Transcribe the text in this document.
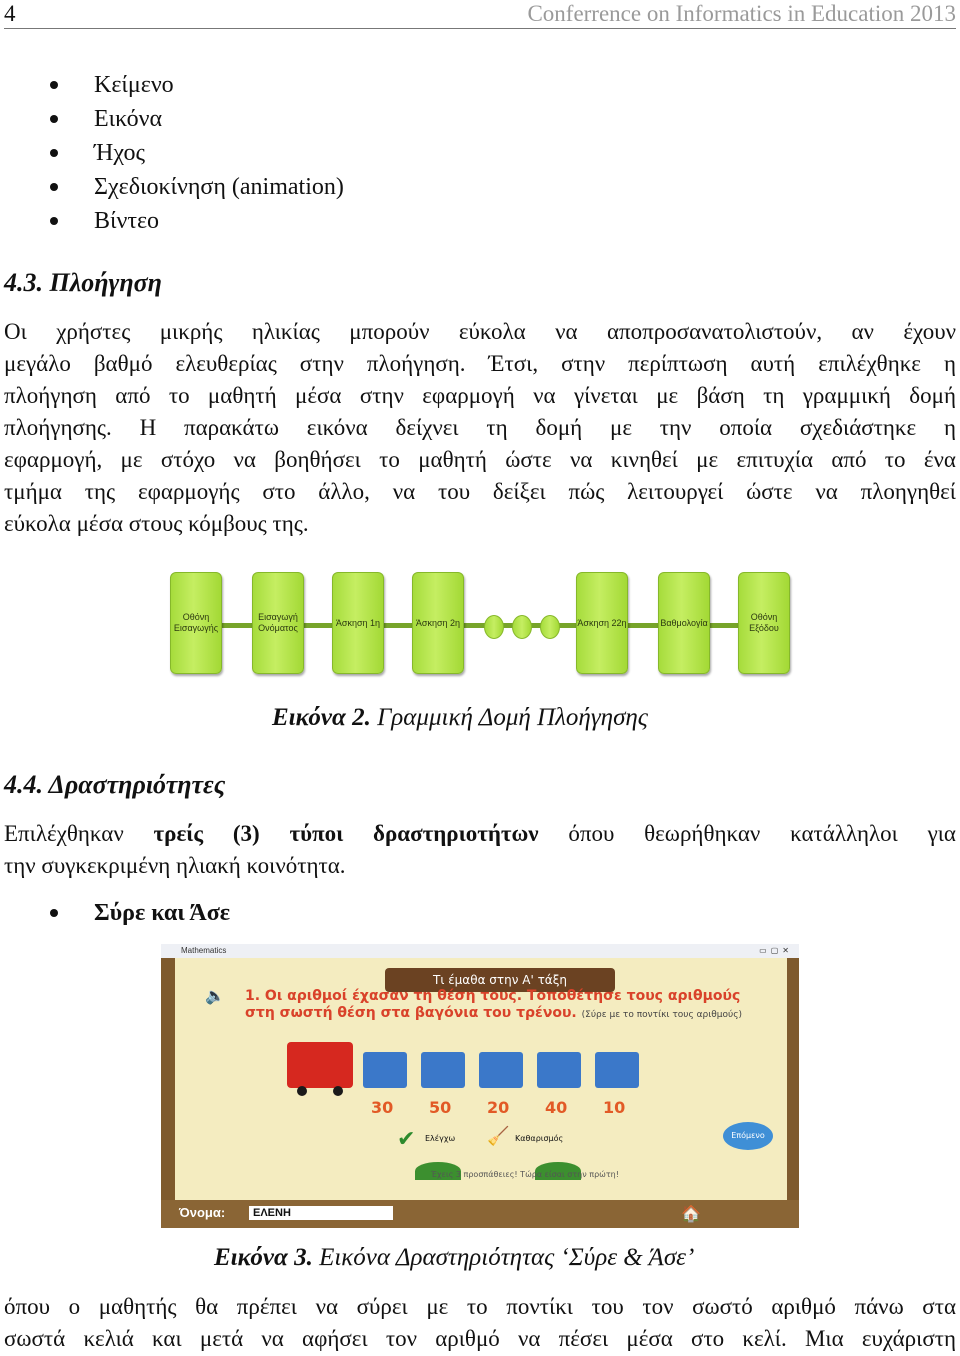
4	Conferrence on Informatics in Education 2013
Κείμενο
Εικόνα
Ήχος
Σχεδιοκίνηση (animation)
Βίντεο
4.3. Πλοήγηση
Οι χρήστες μικρής ηλικίας μπορούν εύκολα να αποπροσανατολιστούν, αν έχουν
μεγάλο βαθμό ελευθερίας στην πλοήγηση. Έτσι, στην περίπτωση αυτή επιλέχθηκε η
πλοήγηση από το μαθητή μέσα στην εφαρμογή να γίνεται με βάση τη γραμμική δομή
πλοήγησης. Η παρακάτω εικόνα δείχνει τη δομή με την οποία σχεδιάστηκε η
εφαρμογή, με στόχο να βοηθήσει το μαθητή ώστε να κινηθεί με επιτυχία από το ένα
τμήμα της εφαρμογής στο άλλο, να του δείξει πώς λειτουργεί ώστε να πλοηγηθεί
εύκολα μέσα στους κόμβους της.
Οθόνη Εισαγωγής
Εισαγωγή Ονόματος
Άσκηση 1η	Άσκηση 2η	Άσκηση 22η	Βαθμολογία
Οθόνη Εξόδου
Εικόνα 2. Γραμμική Δομή Πλοήγησης
4.4. Δραστηριότητες
Επιλέχθηκαν τρείς (3) τύποι δραστηριοτήτων όπου θεωρήθηκαν κατάλληλοι για
την συγκεκριμένη ηλιακή κοινότητα.
Σύρε και Άσε
Mathematics	▭▢✕
Τι έμαθα στην Α' τάξη
🔈 1. Οι αριθμοί έχασαν τη θέση τους. Τοποθέτησε τους αριθμούς στη σωστή θέση στα βαγόνια του τρένου. (Σύρε με το ποντίκι τους αριθμούς)
30 50 20 40 10
✔ Ελέγχω 🧹 Καθαρισμός	Επόμενο
Έχεις 3 προσπάθειες! Τώρα είσαι στην πρώτη!
Όνομα:	ΕΛΕΝΗ	🏠
Εικόνα 3. Εικόνα Δραστηριότητας ‘Σύρε & Άσε’
όπου ο μαθητής θα πρέπει να σύρει με το ποντίκι του τον σωστό αριθμό πάνω στα
σωστά κελιά και μετά να αφήσει τον αριθμό να πέσει μέσα στο κελί. Μια ευχάριστη
